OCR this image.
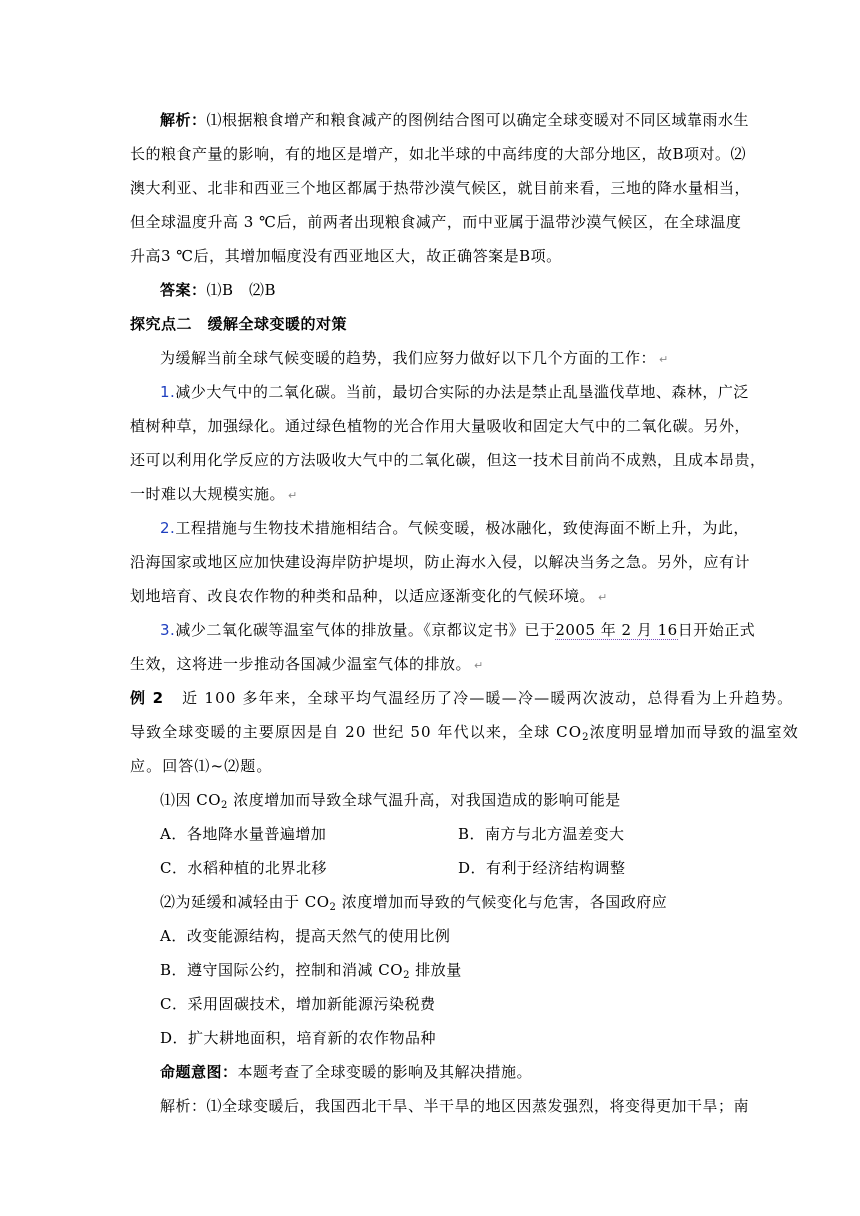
解析：⑴根据粮食增产和粮食减产的图例结合图可以确定全球变暖对不同区域靠雨水生
长的粮食产量的影响，有的地区是增产，如北半球的中高纬度的大部分地区，故B项对。⑵
澳大利亚、北非和西亚三个地区都属于热带沙漠气候区，就目前来看，三地的降水量相当，
但全球温度升高 3 ℃后，前两者出现粮食减产，而中亚属于温带沙漠气候区，在全球温度
升高3 ℃后，其增加幅度没有西亚地区大，故正确答案是B项。
答案：⑴B　⑵B
探究点二　缓解全球变暖的对策
为缓解当前全球气候变暖的趋势，我们应努力做好以下几个方面的工作： ↵
1.减少大气中的二氧化碳。当前，最切合实际的办法是禁止乱垦滥伐草地、森林，广泛
植树种草，加强绿化。通过绿色植物的光合作用大量吸收和固定大气中的二氧化碳。另外，
还可以利用化学反应的方法吸收大气中的二氧化碳，但这一技术目前尚不成熟，且成本昂贵，
一时难以大规模实施。 ↵
2.工程措施与生物技术措施相结合。气候变暖，极冰融化，致使海面不断上升，为此，
沿海国家或地区应加快建设海岸防护堤坝，防止海水入侵，以解决当务之急。另外，应有计
划地培育、改良农作物的种类和品种，以适应逐渐变化的气候环境。 ↵
3.减少二氧化碳等温室气体的排放量。《京都议定书》已于2005 年 2 月 16日开始正式
生效，这将进一步推动各国减少温室气体的排放。 ↵
例 2 近 100 多年来，全球平均气温经历了冷—暖—冷—暖两次波动，总得看为上升趋势。
导致全球变暖的主要原因是自 20 世纪 50 年代以来，全球 $CO_2$浓度明显增加而导致的温室效
应。回答⑴~⑵题。
⑴因 $CO_2$ 浓度增加而导致全球气温升高，对我国造成的影响可能是
A．各地降水量普遍增加	B．南方与北方温差变大
C．水稻种植的北界北移	D．有利于经济结构调整
⑵为延缓和减轻由于 $CO_2$ 浓度增加而导致的气候变化与危害，各国政府应
A．改变能源结构，提高天然气的使用比例
B．遵守国际公约，控制和消减 $CO_2$ 排放量
C．采用固碳技术，增加新能源污染税费
D．扩大耕地面积，培育新的农作物品种
命题意图：本题考查了全球变暖的影响及其解决措施。
解析：⑴全球变暖后，我国西北干旱、半干旱的地区因蒸发强烈，将变得更加干旱；南
